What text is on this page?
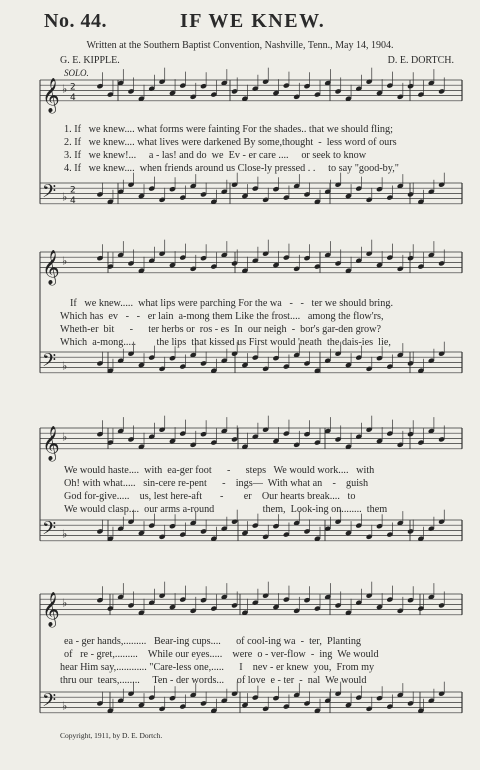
No. 44.	IF WE KNEW.
Written at the Southern Baptist Convention, Nashville, Tenn., May 14, 1904.
G. E. KIPPLE.	D. E. DORTCH.
SOLO.
𝄞
𝄢
♭
♭
2
4
2
4
𝄞
𝄢
♭
♭
𝄞
𝄢
♭
♭
𝄞
𝄢
♭
♭
1. If   we knew.... what forms were fainting For the shades.. that we should fling;
2. If   we knew.... what lives were darkened By some,thought  -  less word of ours
3. If   we knew!...     a - las! and do  we  Ev - er care ....     or seek to know
4. If   we knew....  when friends around us Close-ly pressed . .     to say "good-by,"
If   we knew.....  what lips were parching For the wa   -   -   ter we should bring.
Which has  ev   -   -   er lain  a-mong them Like the frost....   among the flow'rs,
Wheth-er  bit      -      ter herbs or  ros - es  In  our neigh  -  bor's gar-den grow?
Which  a-mong.....        the lips  that kissed us First would 'neath  the dais-ies  lie,
We would haste....  with  ea-ger foot      -      steps   We would work....   with
Oh! with what.....   sin-cere re-pent      -    ings—  With what an    -    guish
God for-give.....    us, lest here-aft       -        er    Our hearts break....   to
We would clasp....  our arms a-round                   them,  Look-ing on........  them
ea - ger hands,.........   Bear-ing cups....      of cool-ing wa  -  ter,  Planting
of   re - gret,.........    While our eyes.....    were  o - ver-flow  -  ing  We would
hear Him say,............ "Care-less one,.....      I    nev - er knew  you,  From my
thru our  tears,........     Ten - der words...     of love  e - ter  -  nal  We would
Copyright, 1911, by D. E. Dortch.
